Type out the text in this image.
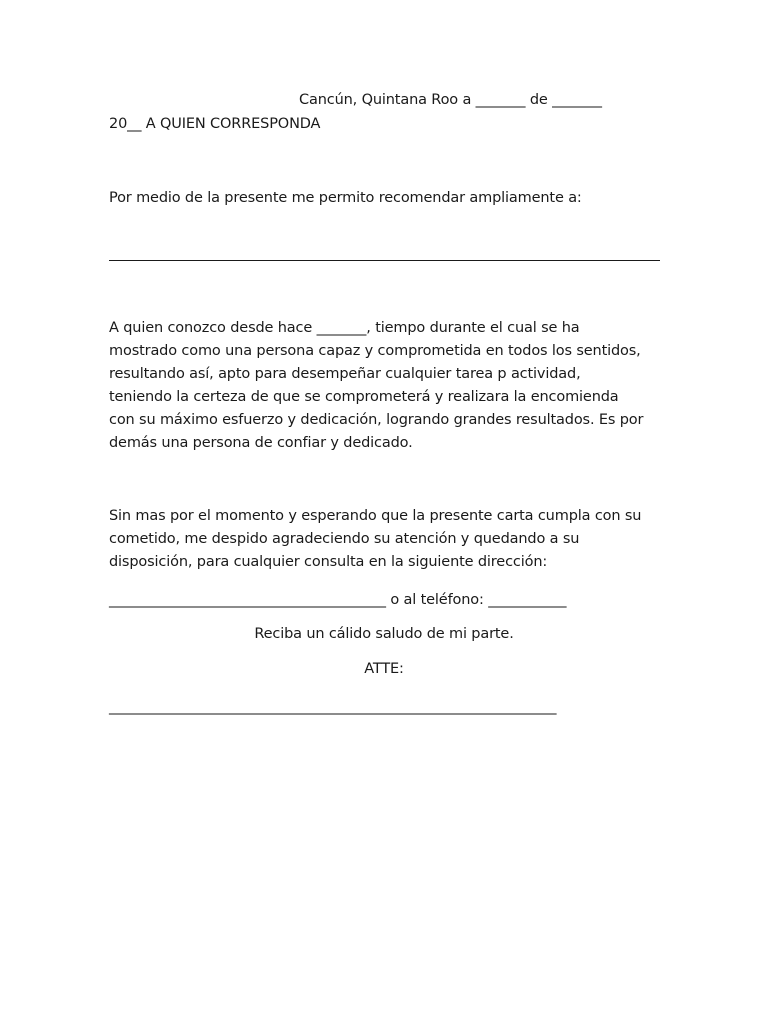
Cancún, Quintana Roo a _______ de _______
20__ A QUIEN CORRESPONDA
Por medio de la presente me permito recomendar ampliamente a:
A quien conozco desde hace _______, tiempo durante el cual se ha
mostrado como una persona capaz y comprometida en todos los sentidos,
resultando así, apto para desempeñar cualquier tarea p actividad,
teniendo la certeza de que se comprometerá y realizara la encomienda
con su máximo esfuerzo y dedicación, logrando grandes resultados. Es por
demás una persona de confiar y dedicado.
Sin mas por el momento y esperando que la presente carta cumpla con su
cometido, me despido agradeciendo su atención y quedando a su
disposición, para cualquier consulta en la siguiente dirección:
_______________________________________ o al teléfono: ___________
Reciba un cálido saludo de mi parte.
ATTE:
_______________________________________________________________
